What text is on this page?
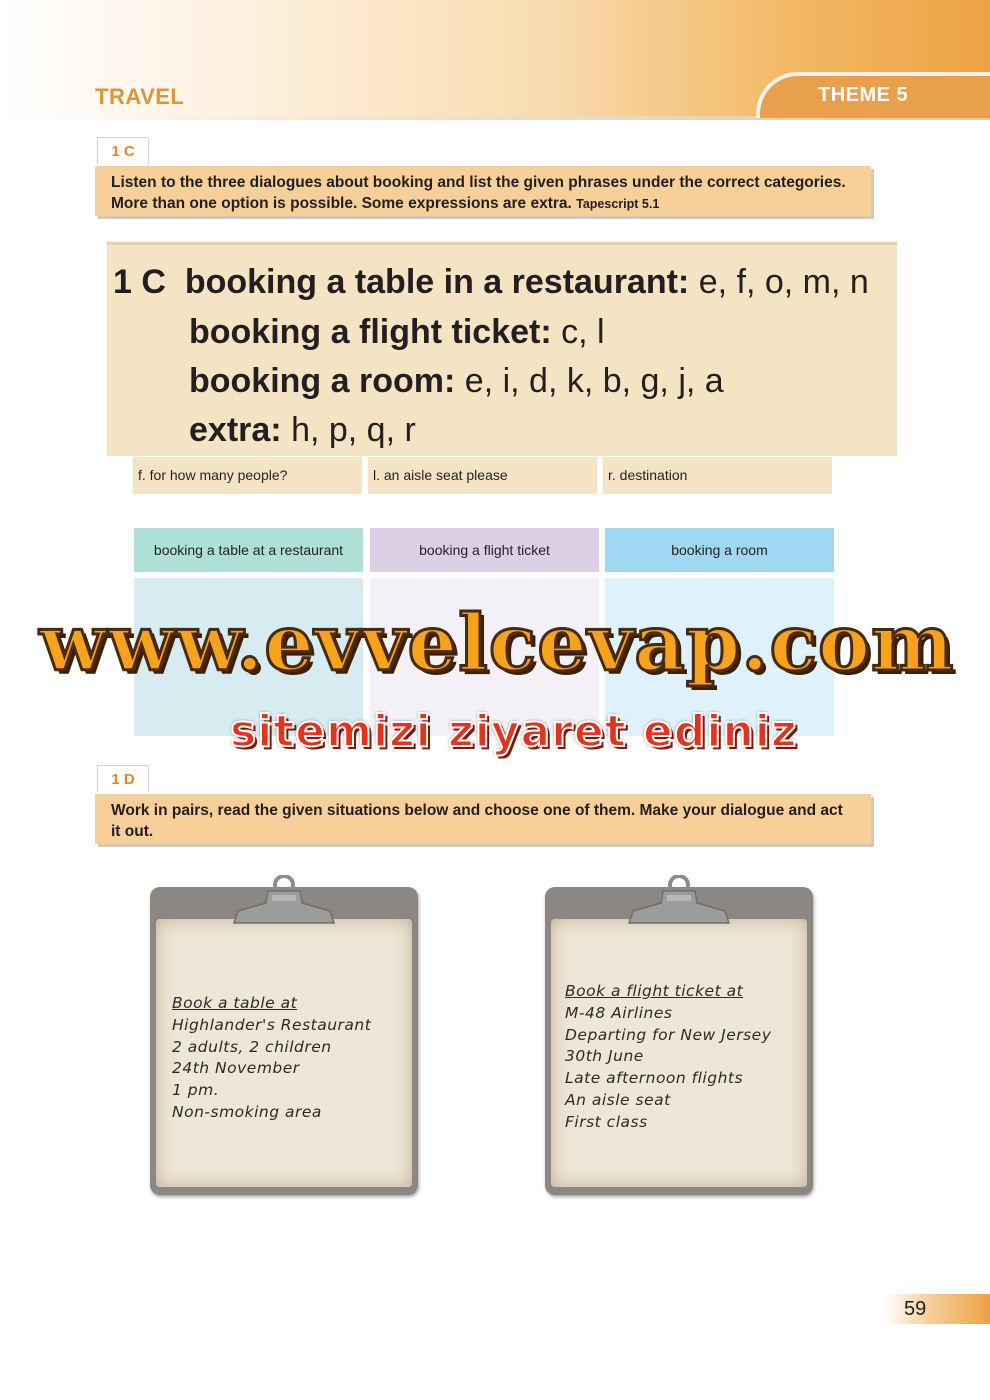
TRAVEL	THEME 5
1 C
Listen to the three dialogues about booking and list the given phrases under the correct categories. More than one option is possible. Some expressions are extra. Tapescript 5.1
1 C booking a table in a restaurant: e, f, o, m, n
booking a flight ticket: c, l
booking a room: e, i, d, k, b, g, j, a
extra: h, p, q, r
f. for how many people?	l. an aisle seat please	r. destination
booking a table at a restaurant	booking a flight ticket	booking a room
www.evvelcevap.com
sitemizi ziyaret ediniz
1 D
Work in pairs, read the given situations below and choose one of them. Make your dialogue and act it out.
Book a table at
Highlander's Restaurant
2 adults, 2 children
24th November
1 pm.
Non-smoking area
Book a flight ticket at
M-48 Airlines
Departing for New Jersey
30th June
Late afternoon flights
An aisle seat
First class
59
